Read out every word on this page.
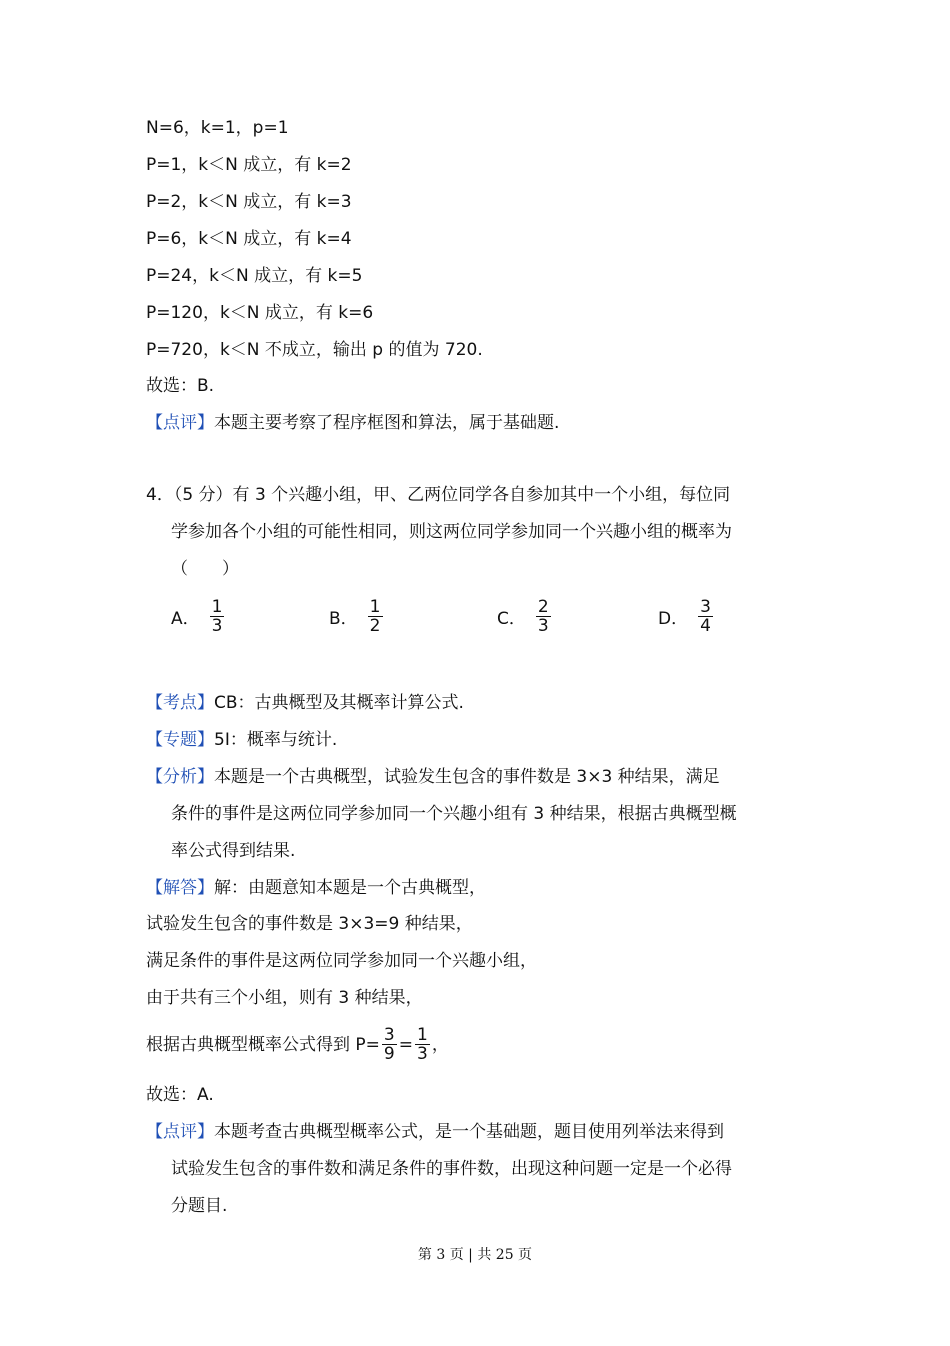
N=6，k=1，p=1
P=1，k＜N 成立，有 k=2
P=2，k＜N 成立，有 k=3
P=6，k＜N 成立，有 k=4
P=24，k＜N 成立，有 k=5
P=120，k＜N 成立，有 k=6
P=720，k＜N 不成立，输出 p 的值为 720.
故选：B.
【点评】本题主要考察了程序框图和算法，属于基础题.
4．（5 分）有 3 个兴趣小组，甲、乙两位同学各自参加其中一个小组，每位同
学参加各个小组的可能性相同，则这两位同学参加同一个兴趣小组的概率为
（　　）
A． $\frac{1}{3}$	B． $\frac{1}{2}$	C． $\frac{2}{3}$	D． $\frac{3}{4}$
【考点】CB：古典概型及其概率计算公式.
【专题】5I：概率与统计.
【分析】本题是一个古典概型，试验发生包含的事件数是 3×3 种结果，满足
条件的事件是这两位同学参加同一个兴趣小组有 3 种结果，根据古典概型概
率公式得到结果.
【解答】解：由题意知本题是一个古典概型，
试验发生包含的事件数是 3×3=9 种结果，
满足条件的事件是这两位同学参加同一个兴趣小组，
由于共有三个小组，则有 3 种结果，
根据古典概型概率公式得到 $P= \frac{3}{9} = \frac{1}{3}$ ，
故选：A.
【点评】本题考查古典概型概率公式，是一个基础题，题目使用列举法来得到
试验发生包含的事件数和满足条件的事件数，出现这种问题一定是一个必得
分题目.
第 3 页 | 共 25 页
